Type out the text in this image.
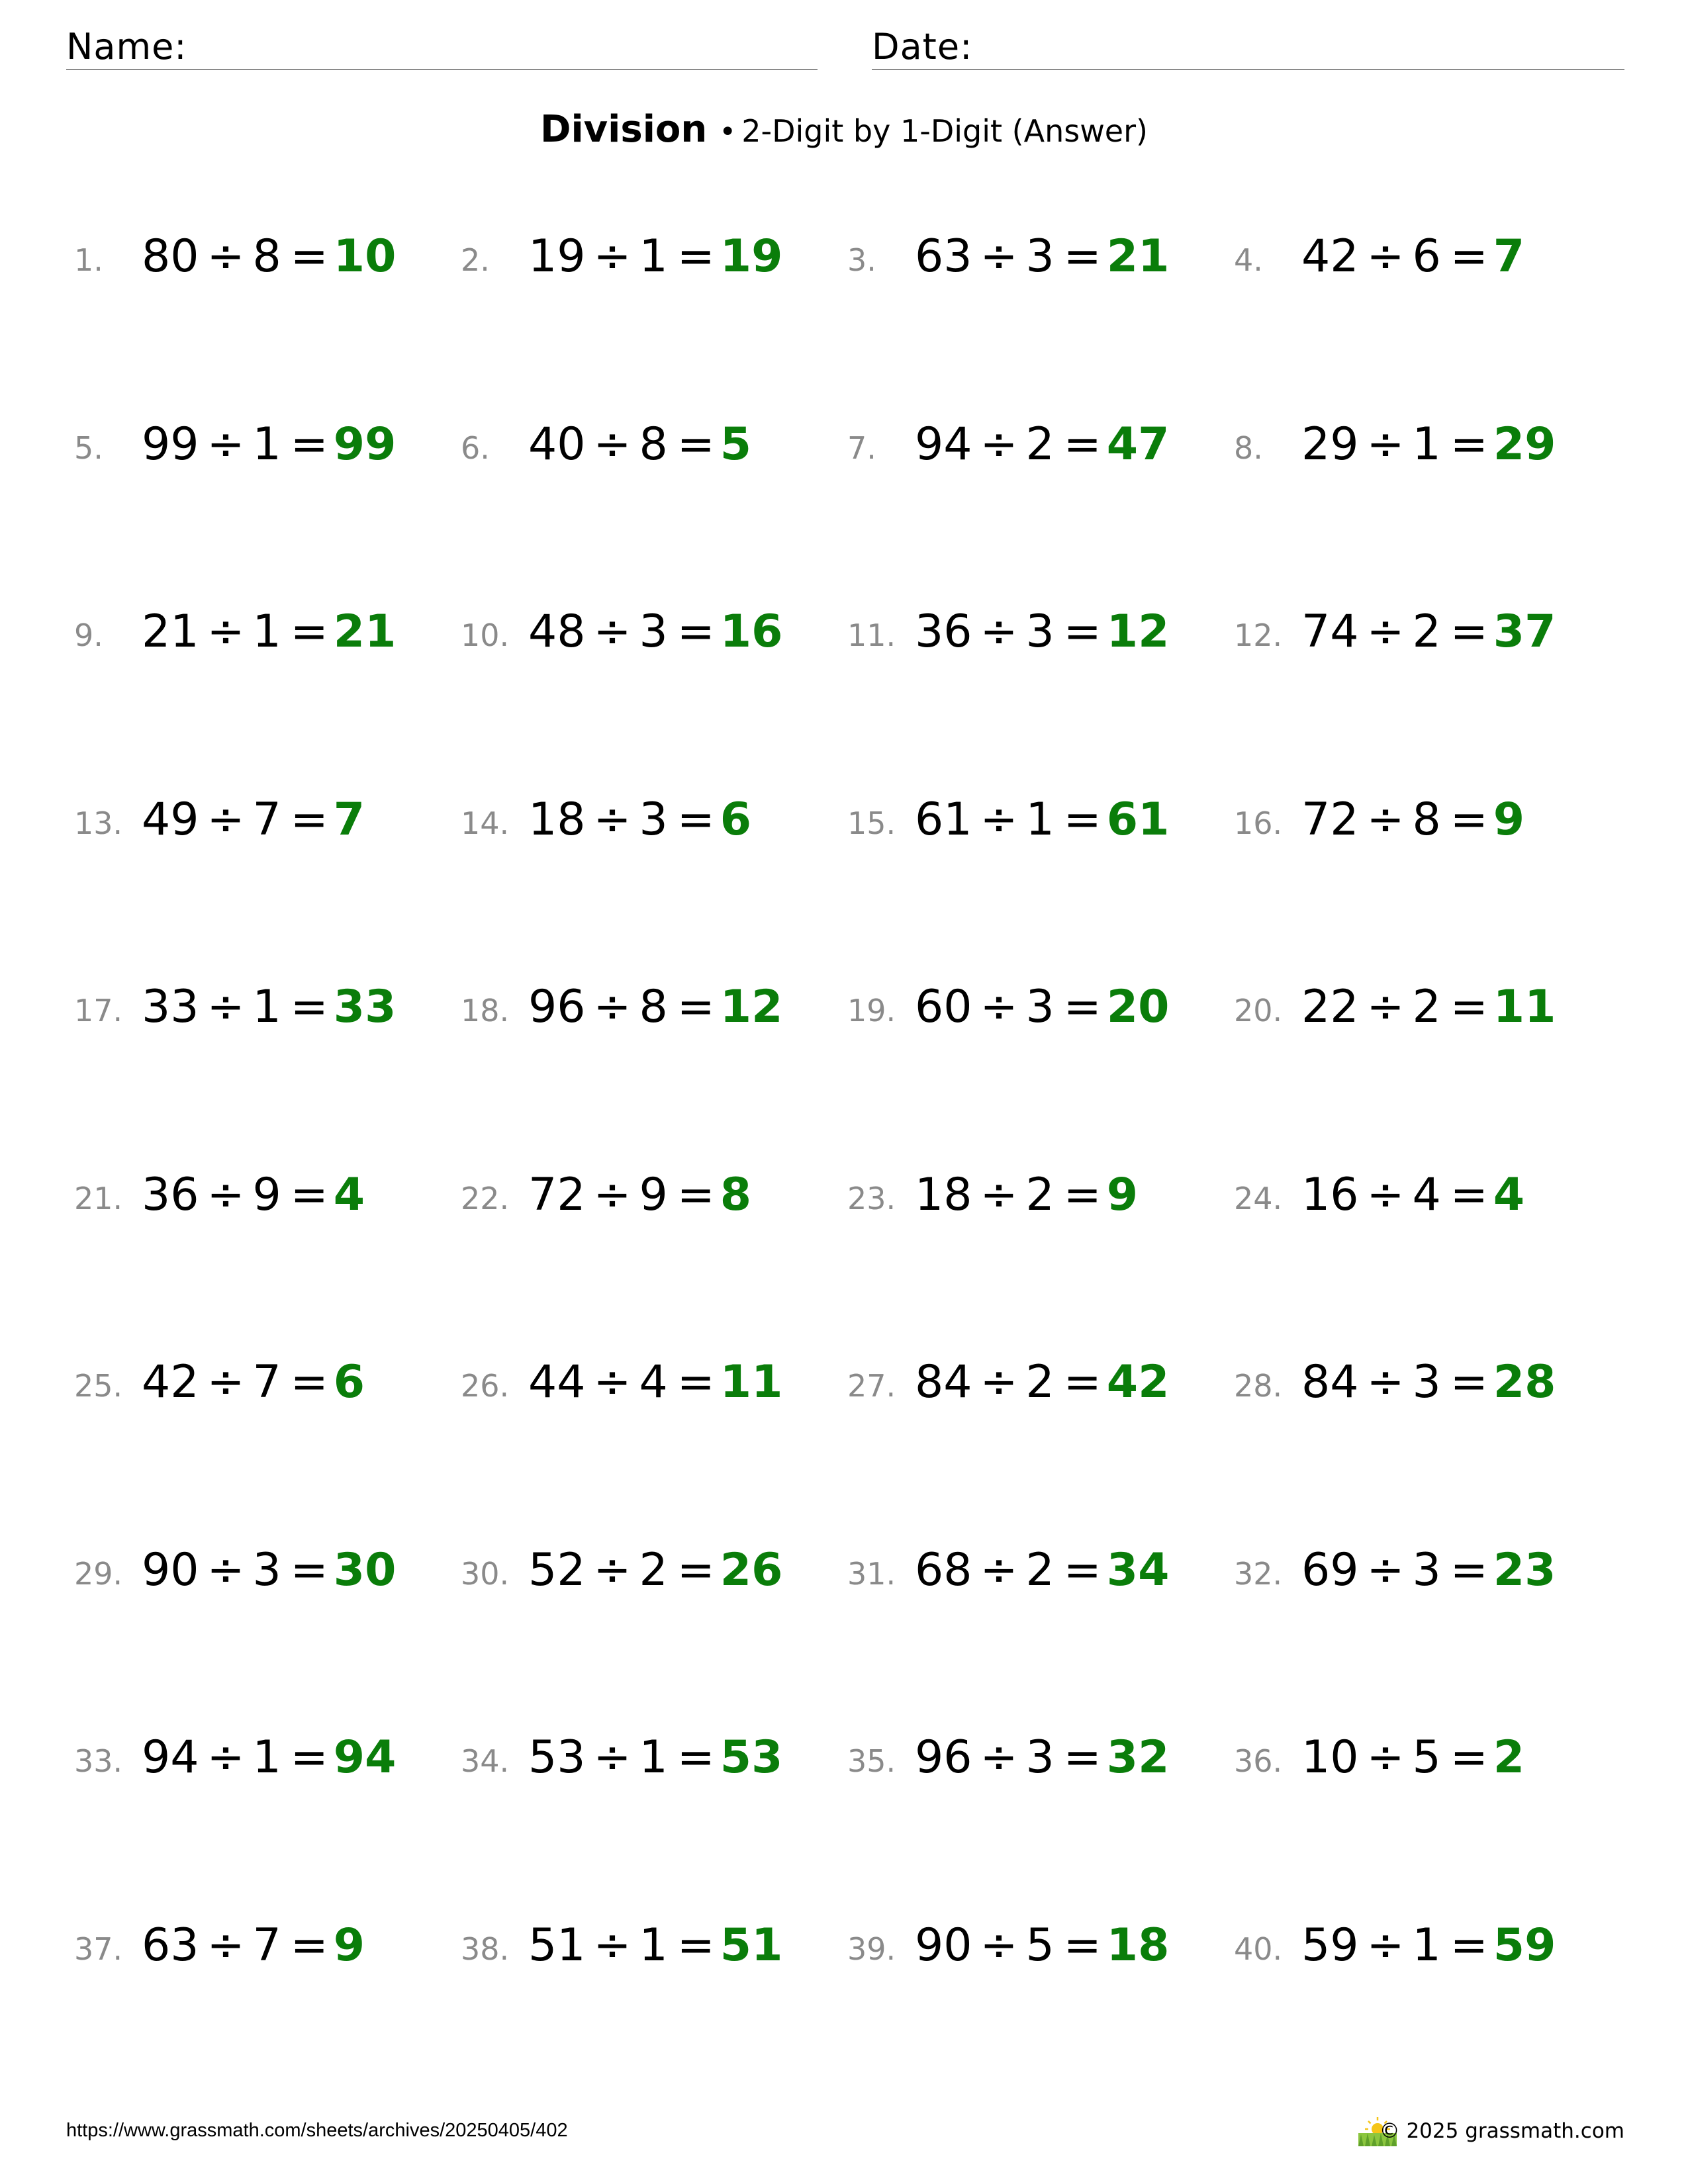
Name:	Date:
Division • 2-Digit by 1-Digit (Answer)
1. 80 ÷ 8 = 10 2. 19 ÷ 1 = 19 3. 63 ÷ 3 = 21 4. 42 ÷ 6 = 7
5. 99 ÷ 1 = 99 6. 40 ÷ 8 = 5	7. 94 ÷ 2 = 47 8. 29 ÷ 1 = 29
9. 21 ÷ 1 = 21 10. 48 ÷ 3 = 16 11. 36 ÷ 3 = 12 12. 74 ÷ 2 = 37
13. 49 ÷ 7 = 7	14. 18 ÷ 3 = 6	15. 61 ÷ 1 = 61 16. 72 ÷ 8 = 9
17. 33 ÷ 1 = 33 18. 96 ÷ 8 = 12 19. 60 ÷ 3 = 20 20. 22 ÷ 2 = 11
21. 36 ÷ 9 = 4	22. 72 ÷ 9 = 8	23. 18 ÷ 2 = 9	24. 16 ÷ 4 = 4
25. 42 ÷ 7 = 6	26. 44 ÷ 4 = 11 27. 84 ÷ 2 = 42 28. 84 ÷ 3 = 28
29. 90 ÷ 3 = 30 30. 52 ÷ 2 = 26 31. 68 ÷ 2 = 34 32. 69 ÷ 3 = 23
33. 94 ÷ 1 = 94 34. 53 ÷ 1 = 53 35. 96 ÷ 3 = 32 36. 10 ÷ 5 = 2
37. 63 ÷ 7 = 9	38. 51 ÷ 1 = 51 39. 90 ÷ 5 = 18 40. 59 ÷ 1 = 59
https://www.grassmath.com/sheets/archives/20250405/402	© 2025 grassmath.com
